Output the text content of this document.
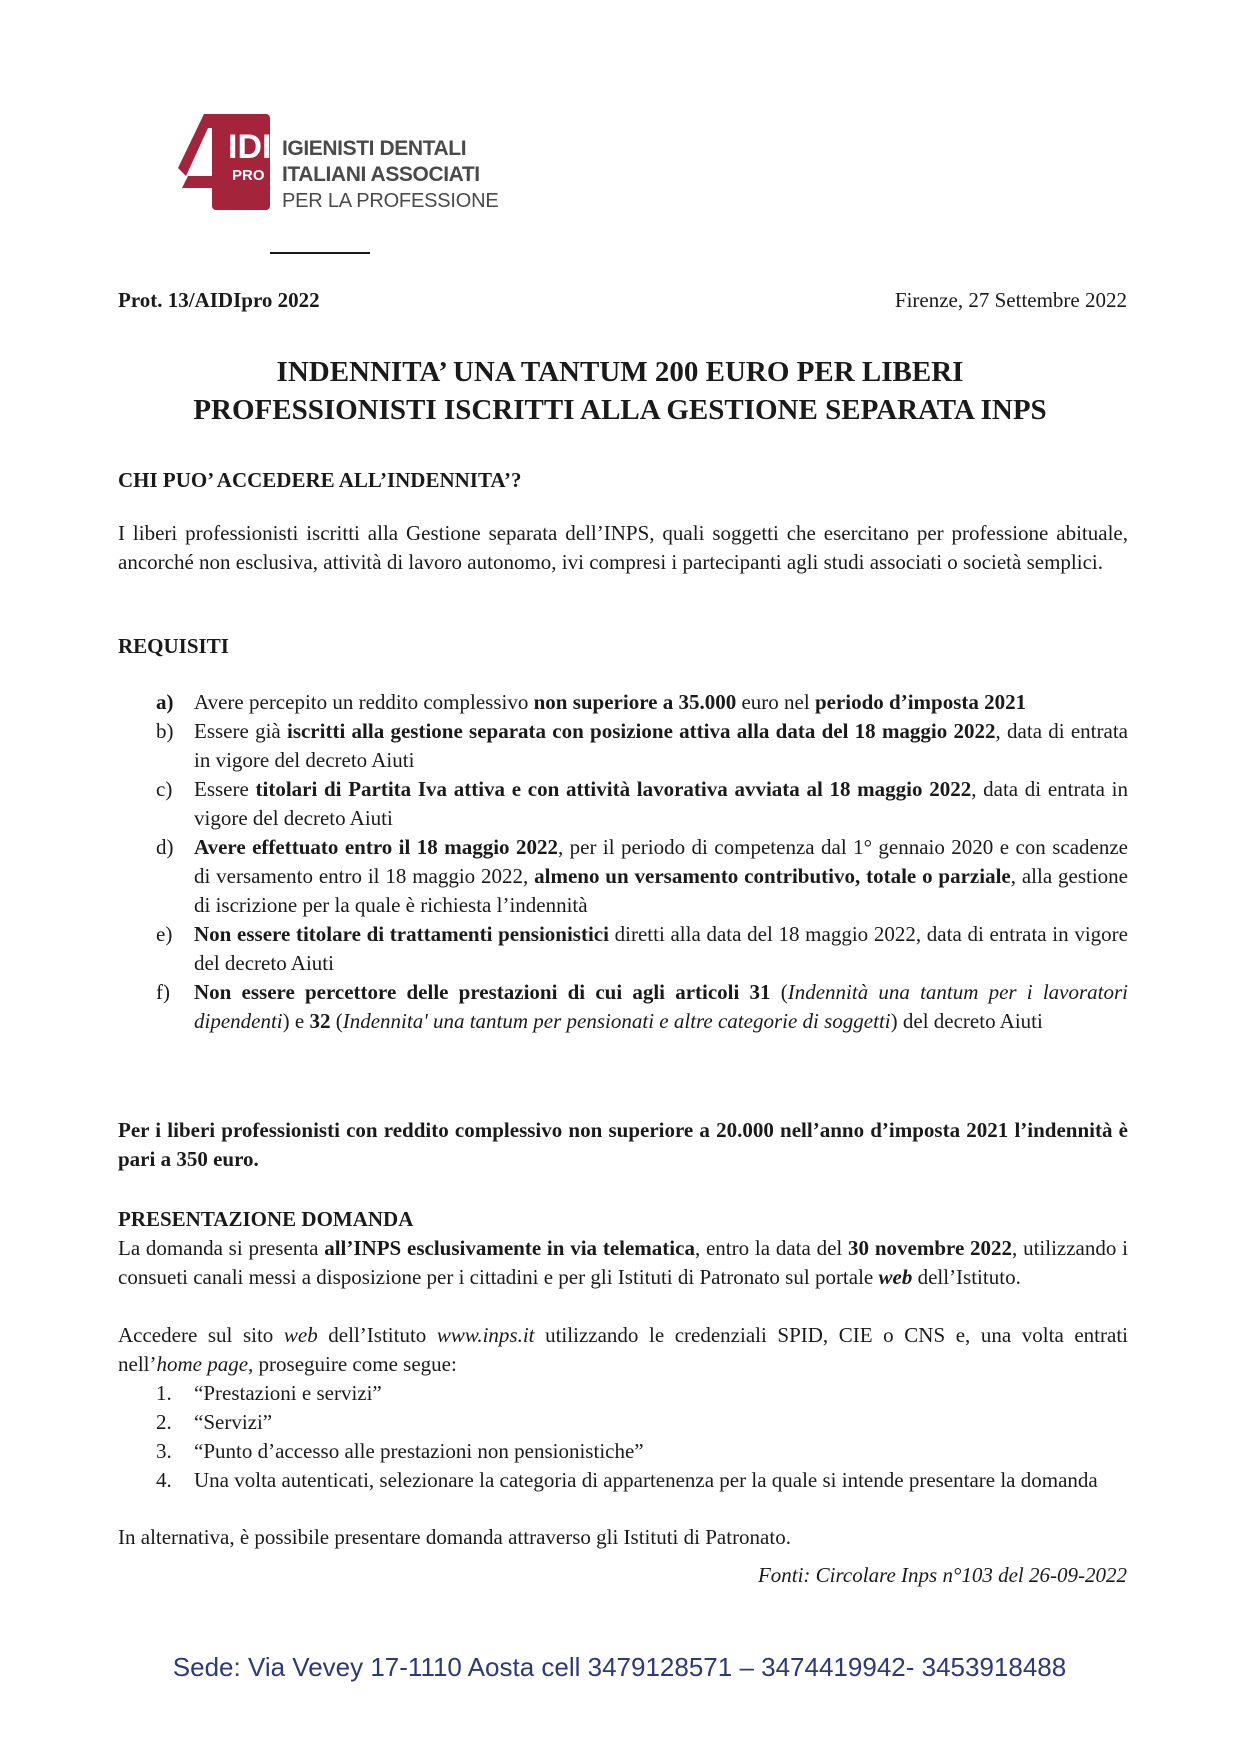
IDI
PRO
IGIENISTI DENTALI
ITALIANI ASSOCIATI
PER LA PROFESSIONE
Prot. 13/AIDIpro 2022	Firenze, 27 Settembre 2022
INDENNITA’ UNA TANTUM 200 EURO PER LIBERI
PROFESSIONISTI ISCRITTI ALLA GESTIONE SEPARATA INPS
CHI PUO’ ACCEDERE ALL’INDENNITA’?
I liberi professionisti iscritti alla Gestione separata dell’INPS, quali soggetti che esercitano per professione abituale, ancorché non esclusiva, attività di lavoro autonomo, ivi compresi i partecipanti agli studi associati o società semplici.
REQUISITI
a) Avere percepito un reddito complessivo non superiore a 35.000 euro nel periodo d’imposta 2021
b) Essere già iscritti alla gestione separata con posizione attiva alla data del 18 maggio 2022, data di entrata in vigore del decreto Aiuti
c) Essere titolari di Partita Iva attiva e con attività lavorativa avviata al 18 maggio 2022, data di entrata in vigore del decreto Aiuti
d) Avere effettuato entro il 18 maggio 2022, per il periodo di competenza dal 1° gennaio 2020 e con scadenze di versamento entro il 18 maggio 2022, almeno un versamento contributivo, totale o parziale, alla gestione di iscrizione per la quale è richiesta l’indennità
e) Non essere titolare di trattamenti pensionistici diretti alla data del 18 maggio 2022, data di entrata in vigore del decreto Aiuti
f) Non essere percettore delle prestazioni di cui agli articoli 31 (Indennità una tantum per i lavoratori dipendenti) e 32 (Indennita' una tantum per pensionati e altre categorie di soggetti) del decreto Aiuti
Per i liberi professionisti con reddito complessivo non superiore a 20.000 nell’anno d’imposta 2021 l’indennità è pari a 350 euro.
PRESENTAZIONE DOMANDA
La domanda si presenta all’INPS esclusivamente in via telematica, entro la data del 30 novembre 2022, utilizzando i consueti canali messi a disposizione per i cittadini e per gli Istituti di Patronato sul portale web dell’Istituto.
Accedere sul sito web dell’Istituto www.inps.it utilizzando le credenziali SPID, CIE o CNS e, una volta entrati nell’home page, proseguire come segue:
1. “Prestazioni e servizi”
2. “Servizi”
3. “Punto d’accesso alle prestazioni non pensionistiche”
4. Una volta autenticati, selezionare la categoria di appartenenza per la quale si intende presentare la domanda
In alternativa, è possibile presentare domanda attraverso gli Istituti di Patronato.
Fonti: Circolare Inps n°103 del 26-09-2022
Sede: Via Vevey 17-1110 Aosta cell 3479128571 – 3474419942- 3453918488
